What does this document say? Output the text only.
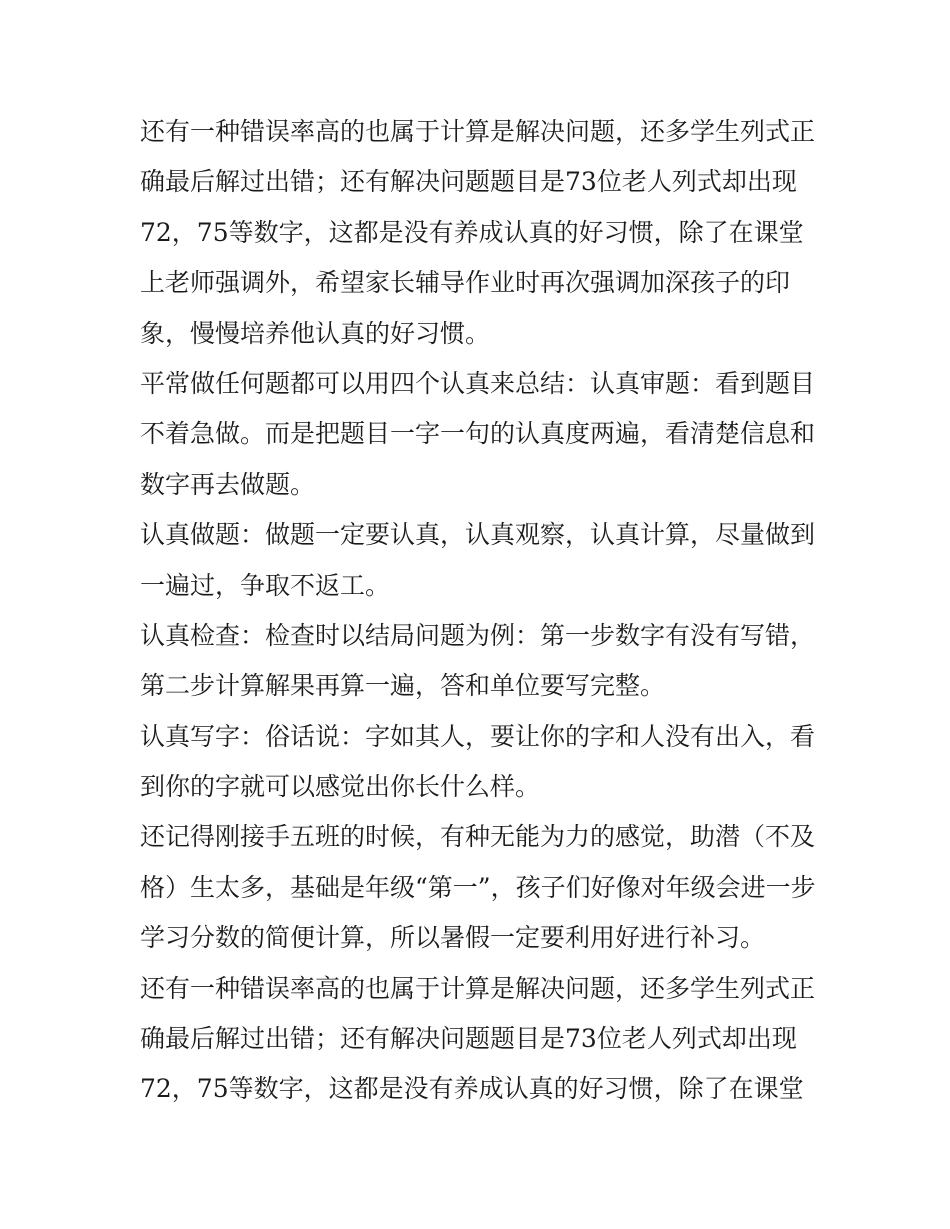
还有一种错误率高的也属于计算是解决问题，还多学生列式正
确最后解过出错；还有解决问题题目是73位老人列式却出现
72，75等数字，这都是没有养成认真的好习惯，除了在课堂
上老师强调外，希望家长辅导作业时再次强调加深孩子的印
象，慢慢培养他认真的好习惯。
平常做任何题都可以用四个认真来总结：认真审题：看到题目
不着急做。而是把题目一字一句的认真度两遍，看清楚信息和
数字再去做题。
认真做题：做题一定要认真，认真观察，认真计算，尽量做到
一遍过，争取不返工。
认真检查：检查时以结局问题为例：第一步数字有没有写错，
第二步计算解果再算一遍，答和单位要写完整。
认真写字：俗话说：字如其人，要让你的字和人没有出入，看
到你的字就可以感觉出你长什么样。
还记得刚接手五班的时候，有种无能为力的感觉，助潜（不及
格）生太多，基础是年级“第一”，孩子们好像对年级会进一步
学习分数的简便计算，所以暑假一定要利用好进行补习。
还有一种错误率高的也属于计算是解决问题，还多学生列式正
确最后解过出错；还有解决问题题目是73位老人列式却出现
72，75等数字，这都是没有养成认真的好习惯，除了在课堂
